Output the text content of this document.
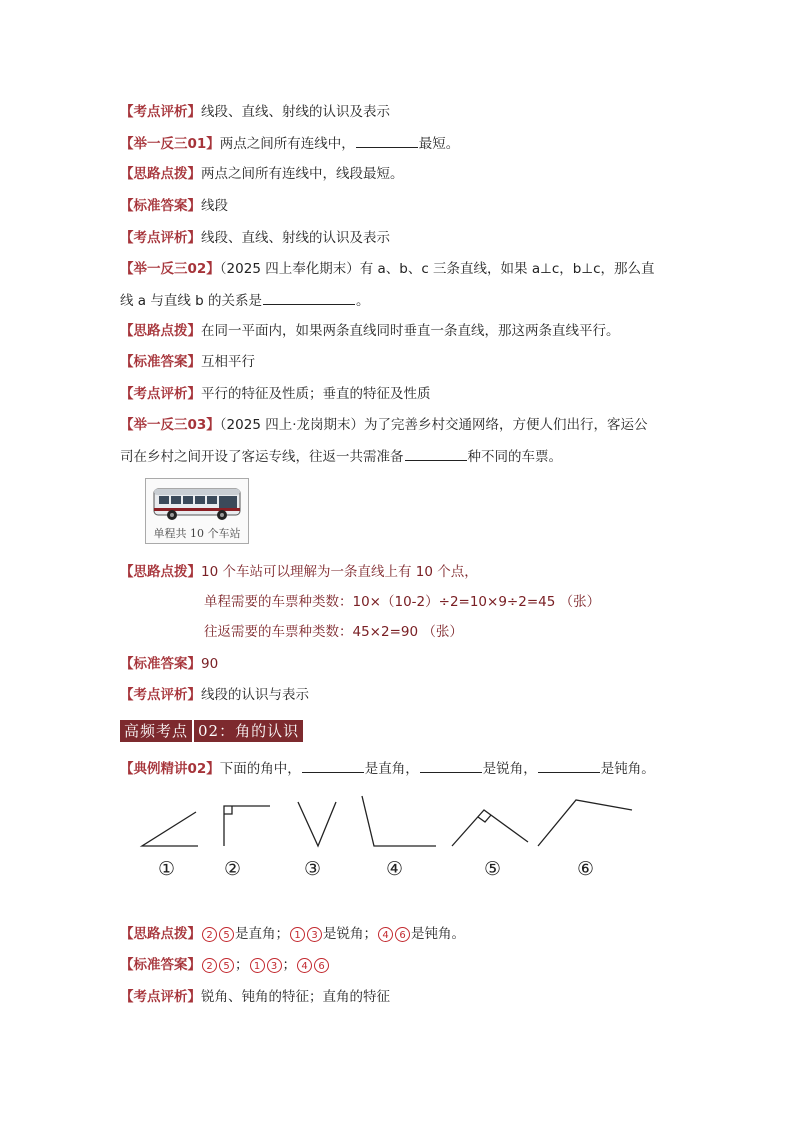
【考点评析】线段、直线、射线的认识及表示
【举一反三01】两点之间所有连线中，	最短。
【思路点拨】两点之间所有连线中，线段最短。
【标准答案】线段
【考点评析】线段、直线、射线的认识及表示
【举一反三02】（2025 四上奉化期末）有 a、b、c 三条直线，如果 a⊥c，b⊥c，那么直
线 a 与直线 b 的关系是	。
【思路点拨】在同一平面内，如果两条直线同时垂直一条直线，那这两条直线平行。
【标准答案】互相平行
【考点评析】平行的特征及性质；垂直的特征及性质
【举一反三03】（2025 四上·龙岗期末）为了完善乡村交通网络，方便人们出行，客运公
司在乡村之间开设了客运专线，往返一共需准备	种不同的车票。
单程共 10 个车站
【思路点拨】10 个车站可以理解为一条直线上有 10 个点，
单程需要的车票种类数：10×（10-2）÷2=10×9÷2=45 （张）
往返需要的车票种类数：45×2=90 （张）
【标准答案】90
【考点评析】线段的认识与表示
高频考点 02：角的认识
【典例精讲02】下面的角中，	是直角，	是锐角，	是钝角。
①	②	③	④	⑤	⑥
【思路点拨】 2 5 是直角； 1 3 是锐角； 4 6 是钝角。
【标准答案】 2 5 ； 1 3 ； 4 6
【考点评析】锐角、钝角的特征；直角的特征
